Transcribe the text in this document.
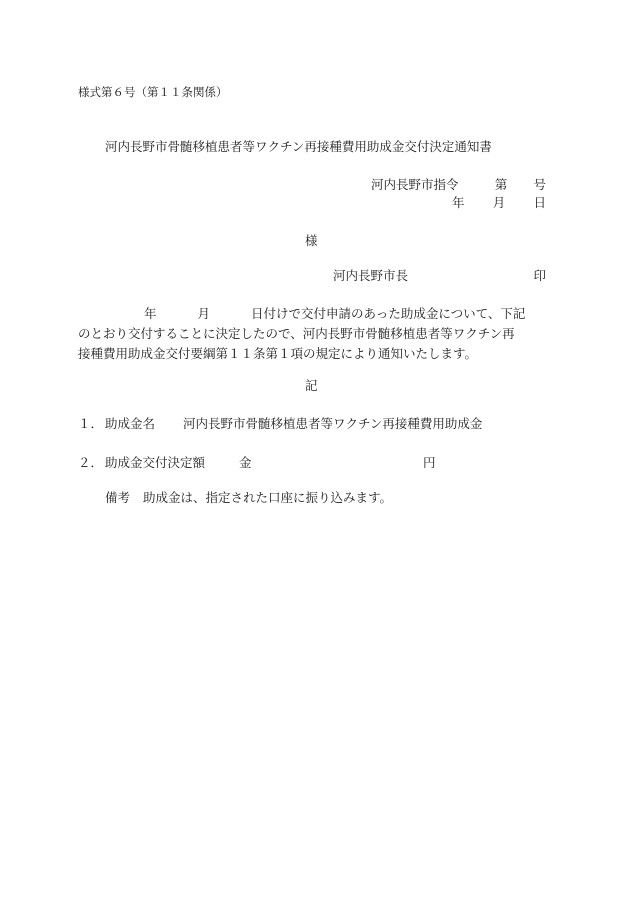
様式第６号（第１１条関係）
河内長野市骨髄移植患者等ワクチン再接種費用助成金交付決定通知書
河内長野市指令	第 号
年 月 日
様
河内長野市長	印
年	月	日付けで交付申請のあった助成金について、下記
のとおり交付することに決定したので、河内長野市骨髄移植患者等ワクチン再
接種費用助成金交付要綱第１１条第１項の規定により通知いたします。
記
１． 助成金名 河内長野市骨髄移植患者等ワクチン再接種費用助成金
２． 助成金交付決定額	金	円
備考 助成金は、指定された口座に振り込みます。
